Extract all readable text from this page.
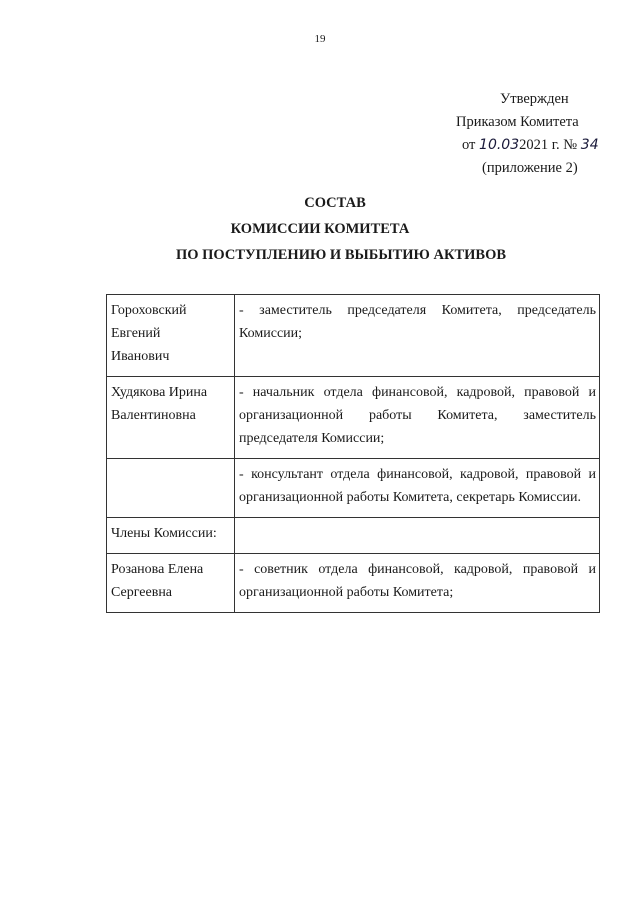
19
Утвержден
Приказом Комитета
от 10.032021 г. № 34
(приложение 2)
СОСТАВ
КОМИССИИ КОМИТЕТА
ПО ПОСТУПЛЕНИЮ И ВЫБЫТИЮ АКТИВОВ
Гороховский
Евгений
Иванович	- заместитель председателя Комитета, председатель Комиссии;

Худякова Ирина
Валентиновна	- начальник отдела финансовой, кадровой, правовой и организационной работы Комитета, заместитель председателя Комиссии;
	- консультант отдела финансовой, кадровой, правовой и организационной работы Комитета, секретарь Комиссии.

Члены Комиссии:	

Розанова Елена
Сергеевна	- советник отдела финансовой, кадровой, правовой и организационной работы Комитета;
